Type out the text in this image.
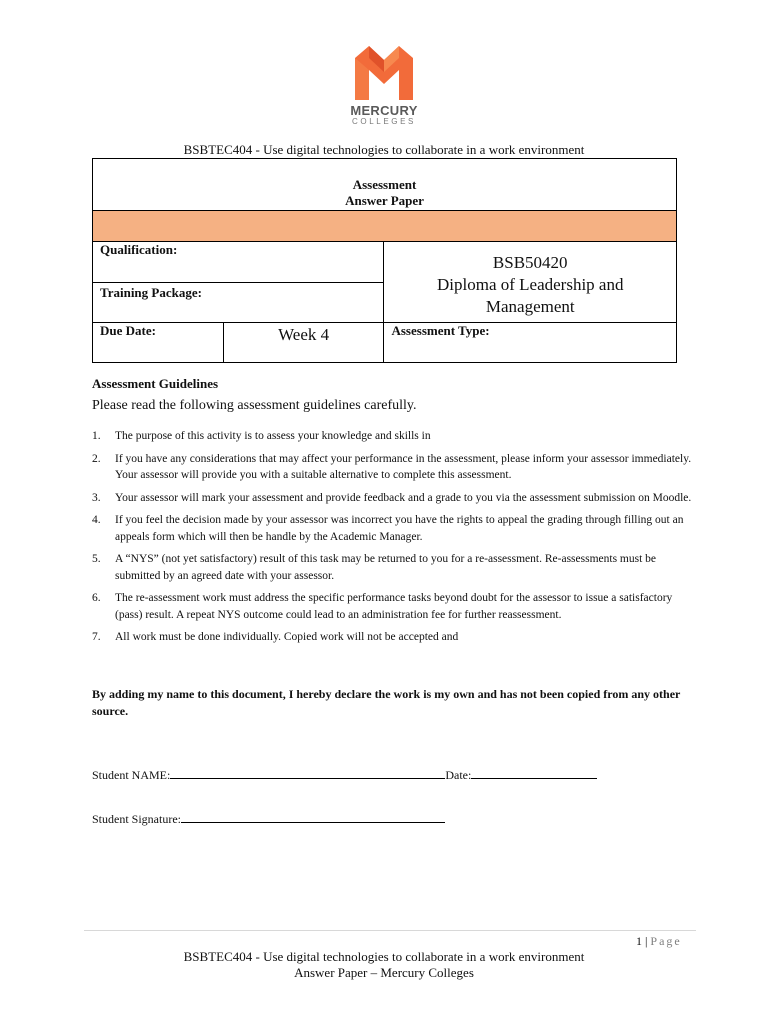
MERCURY
COLLEGES
BSBTEC404 - Use digital technologies to collaborate in a work environment
Assessment
Answer Paper		

Qualification:		BSB50420
Diploma of Leadership and
Management

Training Package:		

Due Date:	Week 4	Assessment Type:
Assessment Guidelines
Please read the following assessment guidelines carefully.
1. The purpose of this activity is to assess your knowledge and skills in
2. If you have any considerations that may affect your performance in the assessment, please inform your assessor immediately. Your assessor will provide you with a suitable alternative to complete this assessment.
3. Your assessor will mark your assessment and provide feedback and a grade to you via the assessment submission on Moodle.
4. If you feel the decision made by your assessor was incorrect you have the rights to appeal the grading through filling out an appeals form which will then be handle by the Academic Manager.
5. A “NYS” (not yet satisfactory) result of this task may be returned to you for a re-assessment. Re-assessments must be submitted by an agreed date with your assessor.
6. The re-assessment work must address the specific performance tasks beyond doubt for the assessor to issue a satisfactory (pass) result. A repeat NYS outcome could lead to an administration fee for further reassessment.
7. All work must be done individually. Copied work will not be accepted and
By adding my name to this document, I hereby declare the work is my own and has not been copied from any other source.
Student NAME:	Date:
Student Signature:
1 | Page
BSBTEC404 - Use digital technologies to collaborate in a work environment
Answer Paper – Mercury Colleges
